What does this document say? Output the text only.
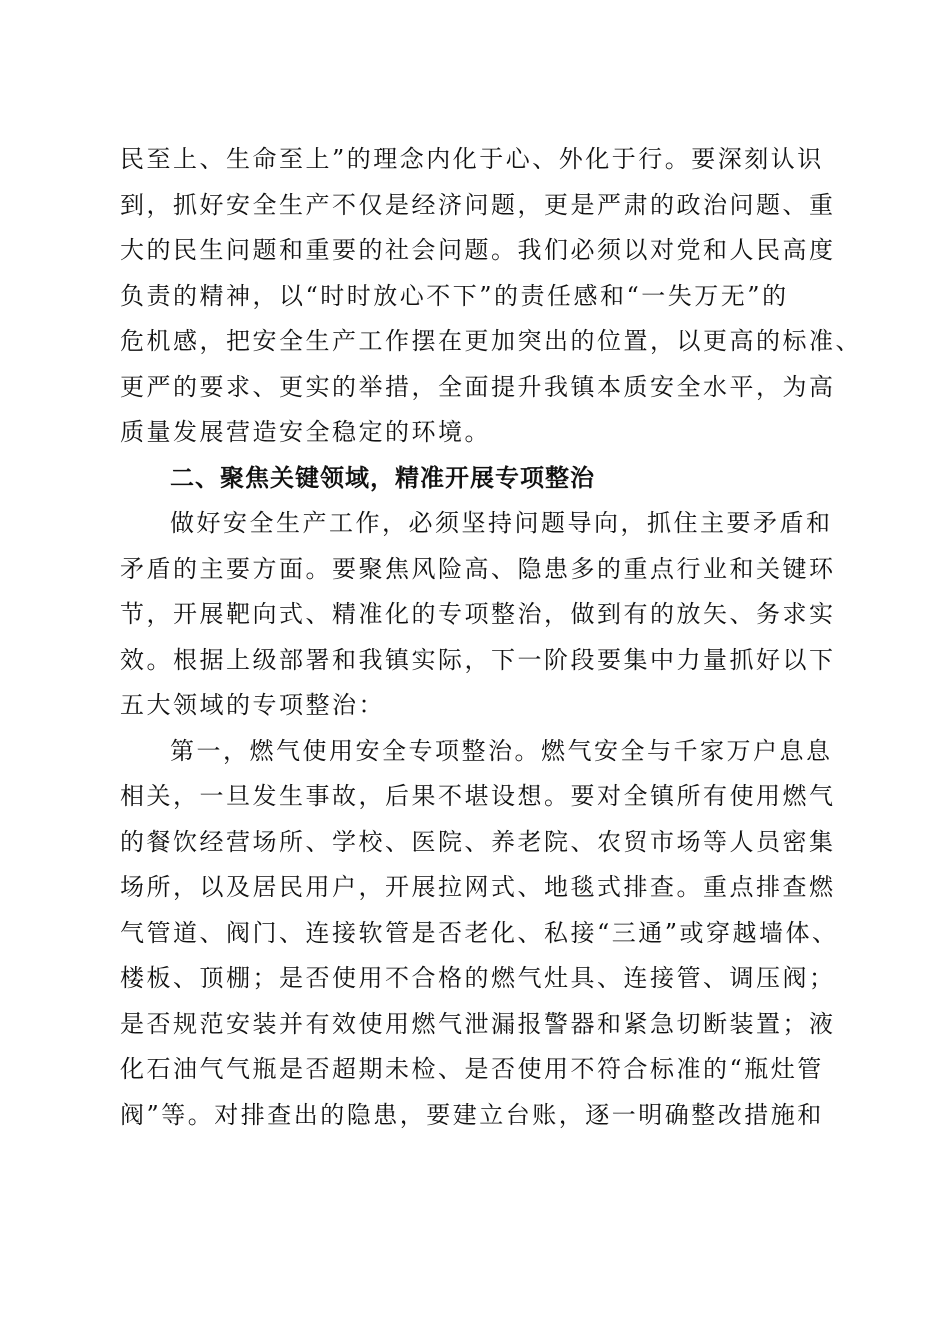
民至上、生命至上”的理念内化于心、外化于行。要深刻认识
到，抓好安全生产不仅是经济问题，更是严肃的政治问题、重
大的民生问题和重要的社会问题。我们必须以对党和人民高度
负责的精神，以“时时放心不下”的责任感和“一失万无”的
危机感，把安全生产工作摆在更加突出的位置，以更高的标准、
更严的要求、更实的举措，全面提升我镇本质安全水平，为高
质量发展营造安全稳定的环境。
二、聚焦关键领域，精准开展专项整治
做好安全生产工作，必须坚持问题导向，抓住主要矛盾和
矛盾的主要方面。要聚焦风险高、隐患多的重点行业和关键环
节，开展靶向式、精准化的专项整治，做到有的放矢、务求实
效。根据上级部署和我镇实际，下一阶段要集中力量抓好以下
五大领域的专项整治：
第一，燃气使用安全专项整治。燃气安全与千家万户息息
相关，一旦发生事故，后果不堪设想。要对全镇所有使用燃气
的餐饮经营场所、学校、医院、养老院、农贸市场等人员密集
场所，以及居民用户，开展拉网式、地毯式排查。重点排查燃
气管道、阀门、连接软管是否老化、私接“三通”或穿越墙体、
楼板、顶棚；是否使用不合格的燃气灶具、连接管、调压阀；
是否规范安装并有效使用燃气泄漏报警器和紧急切断装置；液
化石油气气瓶是否超期未检、是否使用不符合标准的“瓶灶管
阀”等。对排查出的隐患，要建立台账，逐一明确整改措施和
